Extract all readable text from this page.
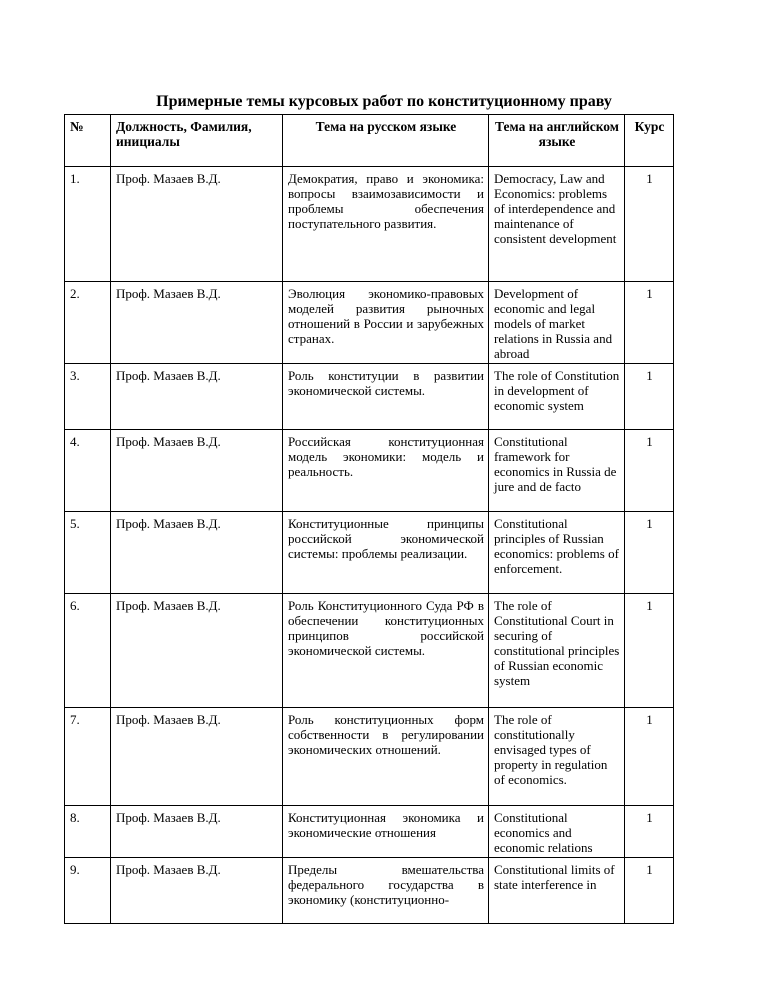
Примерные темы курсовых работ по конституционному праву
№	Должность, Фамилия, инициалы	Тема на русском языке	Тема на английском языке	Курс
1.	Проф. Мазаев В.Д.	Демократия, право и экономика: вопросы взаимозависимости и проблемы обеспечения поступательного развития.	Democracy, Law and Economics: problems of interdependence and maintenance of consistent development	1
2.	Проф. Мазаев В.Д.	Эволюция экономико-правовых моделей развития рыночных отношений в России и зарубежных странах.	Development of economic and legal models of market relations in Russia and abroad	1
3.	Проф. Мазаев В.Д.	Роль конституции в развитии экономической системы.	The role of Constitution in development of economic system	1
4.	Проф. Мазаев В.Д.	Российская конституционная модель экономики: модель и реальность.	Constitutional framework for economics in Russia de jure and de facto	1
5.	Проф. Мазаев В.Д.	Конституционные принципы российской экономической системы: проблемы реализации.	Constitutional principles of Russian economics: problems of enforcement.	1
6.	Проф. Мазаев В.Д.	Роль Конституционного Суда РФ в обеспечении конституционных принципов российской экономической системы.	The role of Constitutional Court in securing of constitutional principles of Russian economic system	1
7.	Проф. Мазаев В.Д.	Роль конституционных форм собственности в регулировании экономических отношений.	The role of constitutionally envisaged types of property in regulation of economics.	1
8.	Проф. Мазаев В.Д.	Конституционная экономика и экономические отношения	Constitutional economics and economic relations	1
9.	Проф. Мазаев В.Д.	Пределы вмешательства федерального государства в экономику (конституционно-	Constitutional limits of state interference in	1
